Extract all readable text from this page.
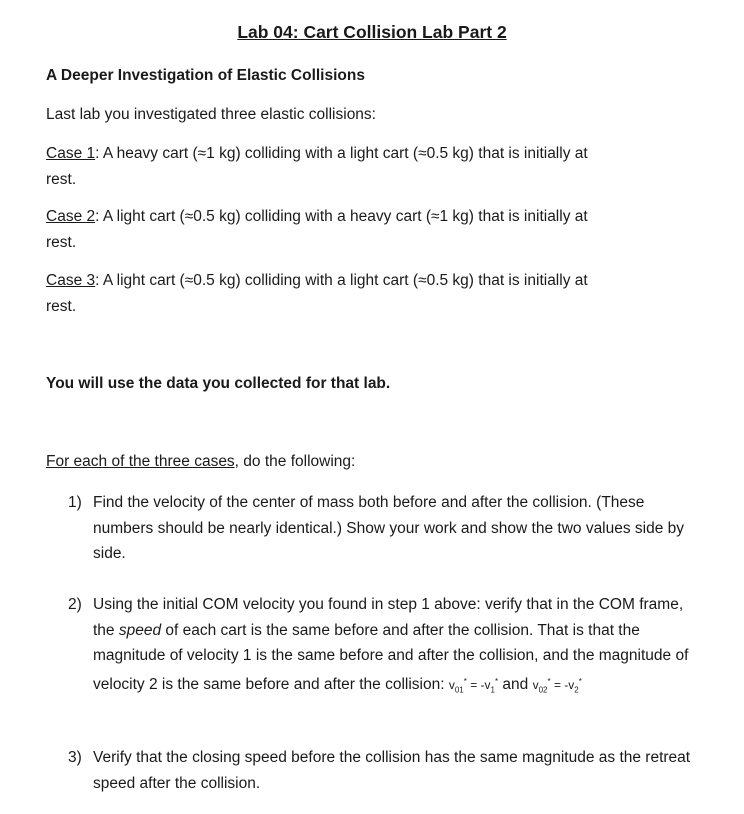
Lab 04: Cart Collision Lab Part 2
A Deeper Investigation of Elastic Collisions
Last lab you investigated three elastic collisions:
Case 1: A heavy cart (≈1 kg) colliding with a light cart (≈0.5 kg) that is initially at
rest.
Case 2: A light cart (≈0.5 kg) colliding with a heavy cart (≈1 kg) that is initially at
rest.
Case 3: A light cart (≈0.5 kg) colliding with a light cart (≈0.5 kg) that is initially at
rest.
You will use the data you collected for that lab.
For each of the three cases, do the following:
1) Find the velocity of the center of mass both before and after the collision. (These numbers should be nearly identical.) Show your work and show the two values side by side.
2) Using the initial COM velocity you found in step 1 above: verify that in the COM frame, the speed of each cart is the same before and after the collision. That is that the magnitude of velocity 1 is the same before and after the collision, and the magnitude of velocity 2 is the same before and after the collision: $v_{01}^* = -v_1^*$ and $v_{02}^* = -v_2^*$
3) Verify that the closing speed before the collision has the same magnitude as the retreat speed after the collision.
